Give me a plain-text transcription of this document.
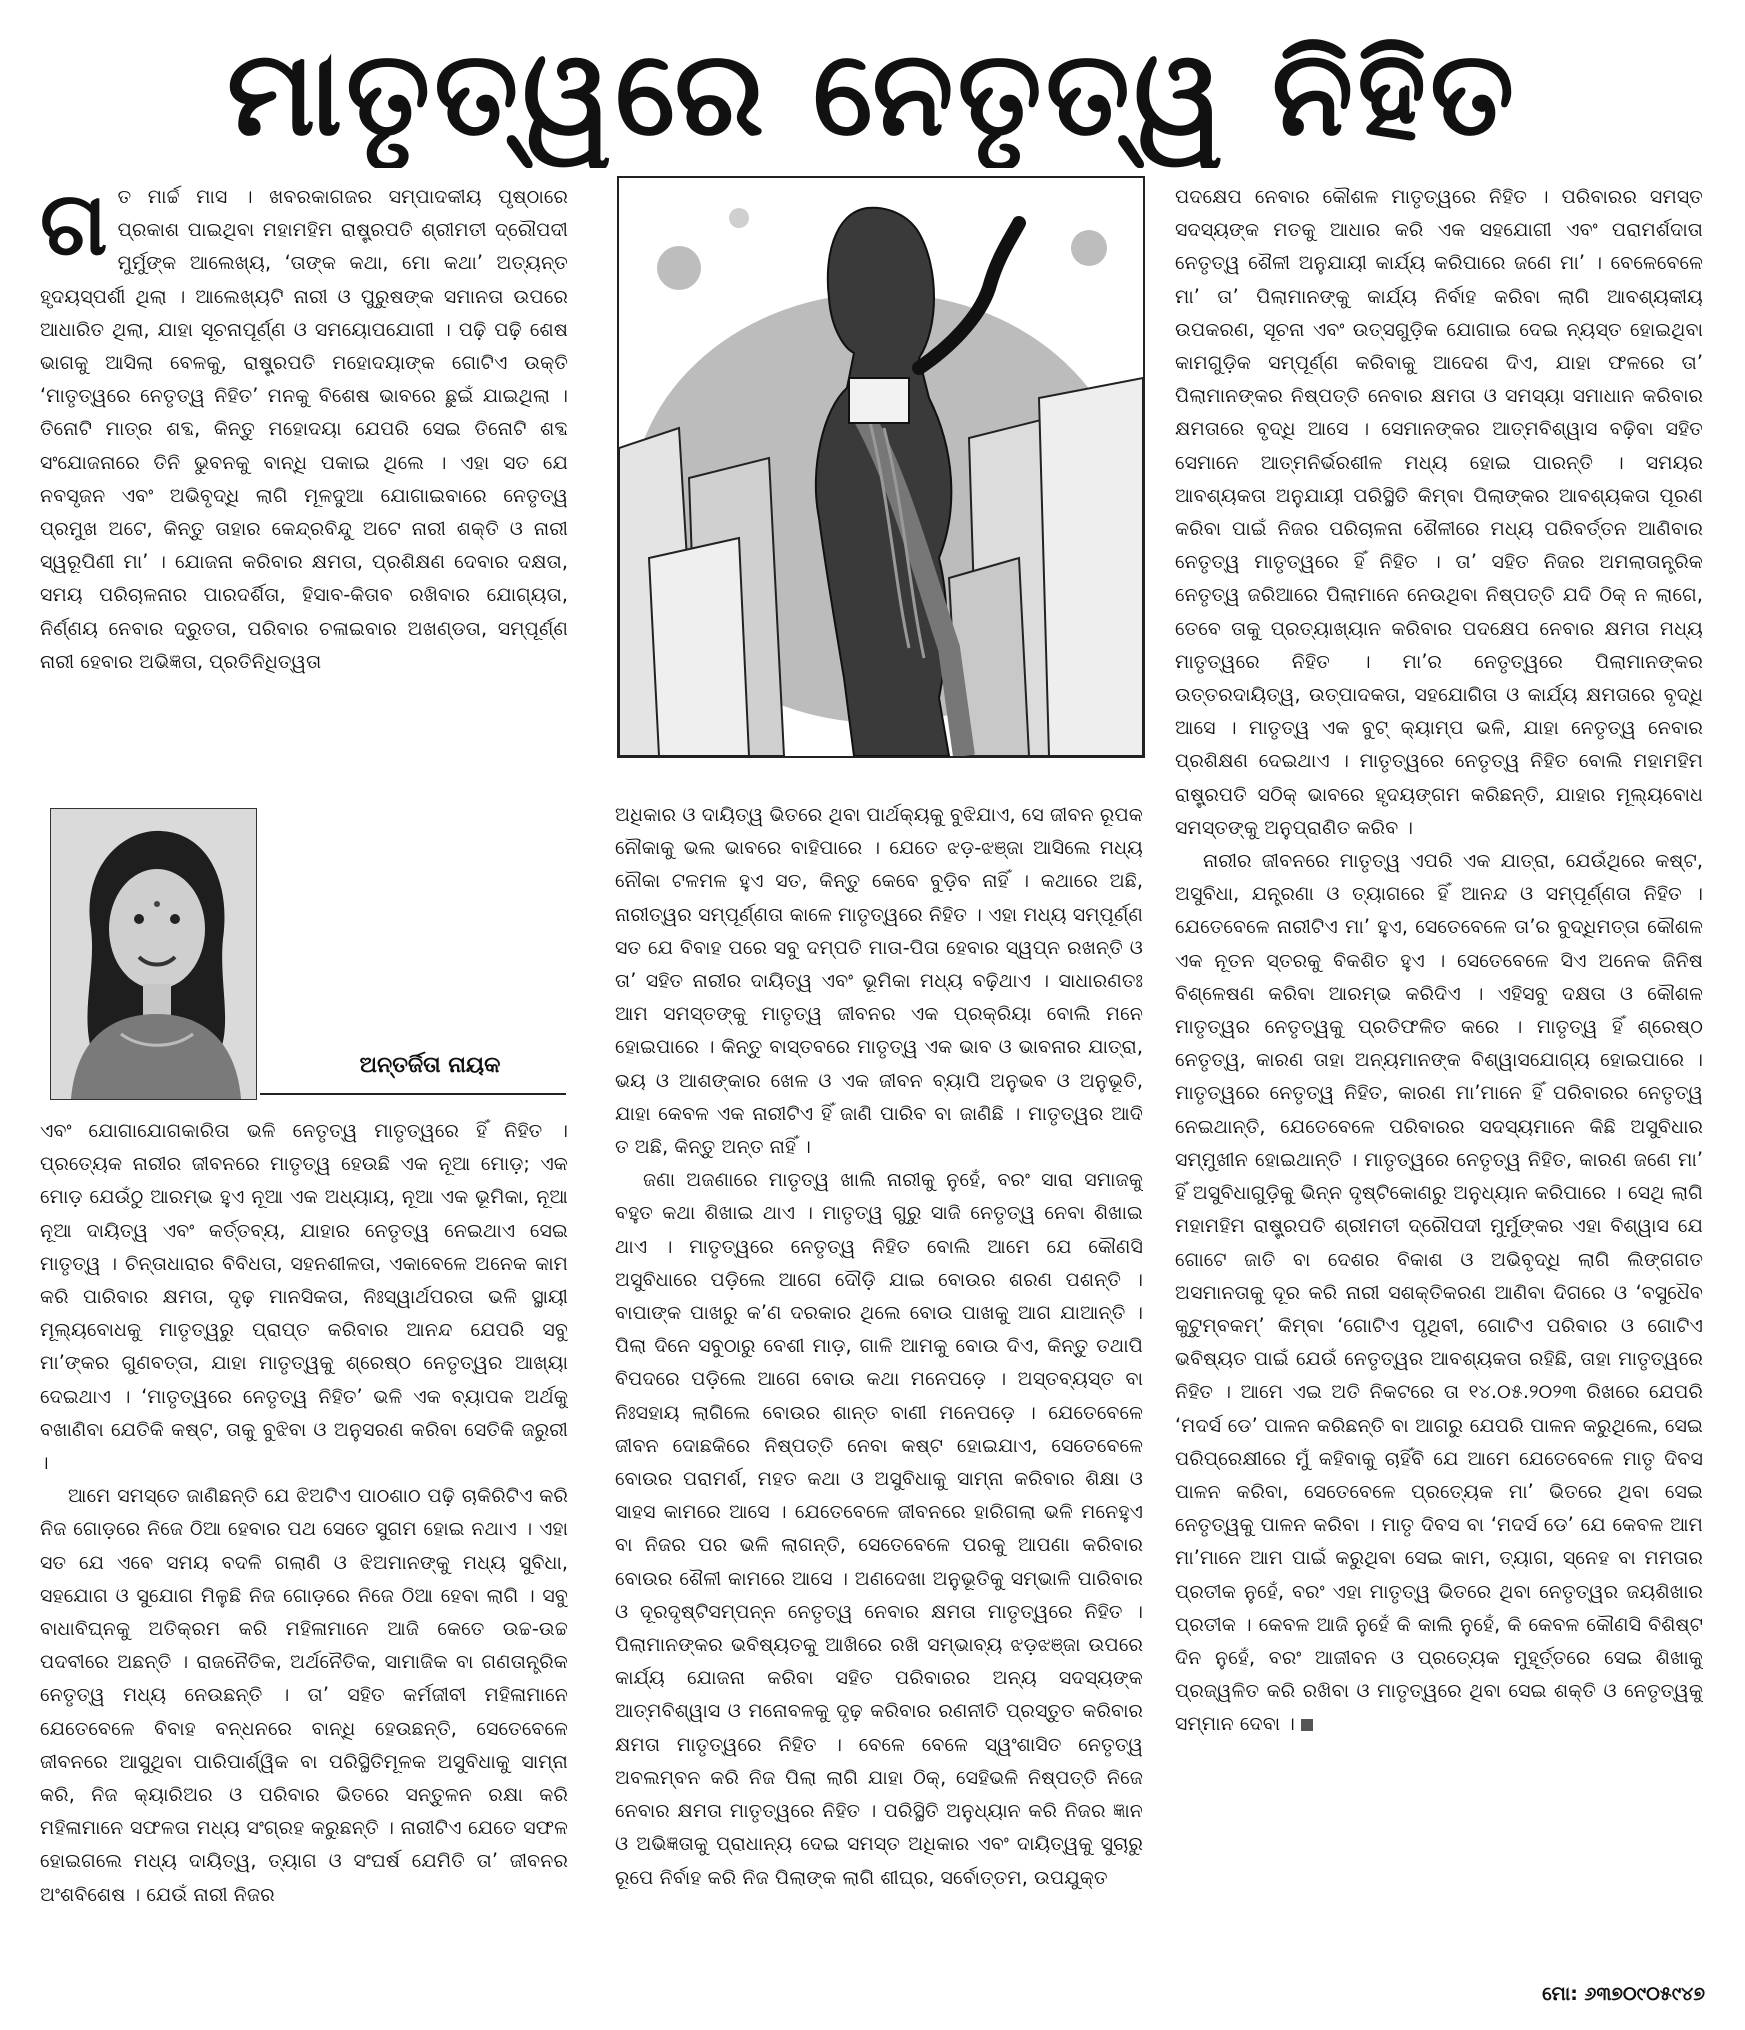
ମାତୃତ୍ୱରେ ନେତୃତ୍ୱ ନିହିତ

ଗତ ମାର୍ଚ୍ଚ ମାସ । ଖବରକାଗଜର ସମ୍ପାଦକୀୟ ପୃଷ୍ଠାରେ ପ୍ରକାଶ ପାଇଥିବା ମହାମହିମ ରାଷ୍ଟ୍ରପତି ଶ୍ରୀମତୀ ଦ୍ରୌପଦୀ ମୁର୍ମୁଙ୍କ ଆଲେଖ୍ୟ, ‘ତାଙ୍କ କଥା, ମୋ କଥା’ ଅତ୍ୟନ୍ତ ହୃଦୟସ୍ପର୍ଶୀ ଥିଲା । ଆଲେଖ୍ୟଟି ନାରୀ ଓ ପୁରୁଷଙ୍କ ସମାନତା ଉପରେ ଆଧାରିତ ଥିଲା, ଯାହା ସୂଚନାପୂର୍ଣ୍ଣ ଓ ସମୟୋପଯୋଗୀ । ପଢ଼ି ପଢ଼ି ଶେଷ ଭାଗକୁ ଆସିଲା ବେଳକୁ, ରାଷ୍ଟ୍ରପତି ମହୋଦୟାଙ୍କ ଗୋଟିଏ ଉକ୍ତି ‘ମାତୃତ୍ୱରେ ନେତୃତ୍ୱ ନିହିତ’ ମନକୁ ବିଶେଷ ଭାବରେ ଛୁଇଁ ଯାଇଥିଲା । ତିନୋଟି ମାତ୍ର ଶବ୍ଦ, କିନ୍ତୁ ମହୋଦୟା ଯେପରି ସେଇ ତିନୋଟି ଶବ୍ଦ ସଂଯୋଜନାରେ ତିନି ଭୁବନକୁ ବାନ୍ଧି ପକାଇ ଥିଲେ । ଏହା ସତ ଯେ ନବସୃଜନ ଏବଂ ଅଭିବୃଦ୍ଧି ଲାଗି ମୂଳଦୁଆ ଯୋଗାଇବାରେ ନେତୃତ୍ୱ ପ୍ରମୁଖ ଅଟେ, କିନ୍ତୁ ତାହାର କେନ୍ଦ୍ରବିନ୍ଦୁ ଅଟେ ନାରୀ ଶକ୍ତି ଓ ନାରୀ ସ୍ୱରୂପିଣୀ ମା’ । ଯୋଜନା କରିବାର କ୍ଷମତା, ପ୍ରଶିକ୍ଷଣ ଦେବାର ଦକ୍ଷତା, ସମୟ ପରିଚାଳନାର ପାରଦର୍ଶିତା, ହିସାବ-କିତାବ ରଖିବାର ଯୋଗ୍ୟତା, ନିର୍ଣ୍ଣୟ ନେବାର ଦ୍ରୁତତା, ପରିବାର ଚଳାଇବାର ଅଖଣ୍ଡତା, ସମ୍ପୂର୍ଣ୍ଣ ନାରୀ ହେବାର ଅଭିଜ୍ଞତା, ପ୍ରତିନିଧିତ୍ୱତା

ଅନ୍ତର୍ଜିତା ନାୟକ

ଏବଂ ଯୋଗାଯୋଗକାରିତା ଭଳି ନେତୃତ୍ୱ ମାତୃତ୍ୱରେ ହିଁ ନିହିତ । ପ୍ରତ୍ୟେକ ନାରୀର ଜୀବନରେ ମାତୃତ୍ୱ ହେଉଛି ଏକ ନୂଆ ମୋଡ଼; ଏକ ମୋଡ଼ ଯେଉଁଠୁ ଆରମ୍ଭ ହୁଏ ନୂଆ ଏକ ଅଧ୍ୟାୟ, ନୂଆ ଏକ ଭୂମିକା, ନୂଆ ନୂଆ ଦାୟିତ୍ୱ ଏବଂ କର୍ତ୍ତବ୍ୟ, ଯାହାର ନେତୃତ୍ୱ ନେଇଥାଏ ସେଇ ମାତୃତ୍ୱ । ଚିନ୍ତାଧାରାର ବିବିଧତା, ସହନଶୀଳତା, ଏକାବେଳେ ଅନେକ କାମ କରି ପାରିବାର କ୍ଷମତା, ଦୃଢ଼ ମାନସିକତା, ନିଃସ୍ୱାର୍ଥପରତା ଭଳି ସ୍ଥାୟୀ ମୂଲ୍ୟବୋଧକୁ ମାତୃତ୍ୱରୁ ପ୍ରାପ୍ତ କରିବାର ଆନନ୍ଦ ଯେପରି ସବୁ ମା’ଙ୍କର ଗୁଣବତ୍ତା, ଯାହା ମାତୃତ୍ୱକୁ ଶ୍ରେଷ୍ଠ ନେତୃତ୍ୱର ଆଖ୍ୟା ଦେଇଥାଏ । ‘ମାତୃତ୍ୱରେ ନେତୃତ୍ୱ ନିହିତ’ ଭଳି ଏକ ବ୍ୟାପକ ଅର୍ଥକୁ ବଖାଣିବା ଯେତିକି କଷ୍ଟ, ତାକୁ ବୁଝିବା ଓ ଅନୁସରଣ କରିବା ସେତିକି ଜରୁରୀ ।

ଆମେ ସମସ୍ତେ ଜାଣିଛନ୍ତି ଯେ ଝିଅଟିଏ ପାଠଶାଠ ପଢ଼ି ଚାକିରିଟିଏ କରି ନିଜ ଗୋଡ଼ରେ ନିଜେ ଠିଆ ହେବାର ପଥ ସେତେ ସୁଗମ ହୋଇ ନଥାଏ । ଏହା ସତ ଯେ ଏବେ ସମୟ ବଦଳି ଗଲାଣି ଓ ଝିଅମାନଙ୍କୁ ମଧ୍ୟ ସୁବିଧା, ସହଯୋଗ ଓ ସୁଯୋଗ ମିଳୁଛି ନିଜ ଗୋଡ଼ରେ ନିଜେ ଠିଆ ହେବା ଲାଗି । ସବୁ ବାଧାବିଘ୍ନକୁ ଅତିକ୍ରମ କରି ମହିଳାମାନେ ଆଜି କେତେ ଉଚ୍ଚ-ଉଚ୍ଚ ପଦବୀରେ ଅଛନ୍ତି । ରାଜନୈତିକ, ଅର୍ଥନୈତିକ, ସାମାଜିକ ବା ଗଣତାନ୍ତ୍ରିକ ନେତୃତ୍ୱ ମଧ୍ୟ ନେଉଛନ୍ତି । ତା’ ସହିତ କର୍ମଜୀବୀ ମହିଳାମାନେ ଯେତେବେଳେ ବିବାହ ବନ୍ଧନରେ ବାନ୍ଧି ହେଉଛନ୍ତି, ସେତେବେଳେ ଜୀବନରେ ଆସୁଥିବା ପାରିପାର୍ଶ୍ୱିକ ବା ପରିସ୍ଥିତିମୂଳକ ଅସୁବିଧାକୁ ସାମ୍ନା କରି, ନିଜ କ୍ୟାରିଅର ଓ ପରିବାର ଭିତରେ ସନ୍ତୁଳନ ରକ୍ଷା କରି ମହିଳାମାନେ ସଫଳତା ମଧ୍ୟ ସଂଗ୍ରହ କରୁଛନ୍ତି । ନାରୀଟିଏ ଯେତେ ସଫଳ ହୋଇଗଲେ ମଧ୍ୟ ଦାୟିତ୍ୱ, ତ୍ୟାଗ ଓ ସଂଘର୍ଷ ଯେମିତି ତା’ ଜୀବନର ଅଂଶବିଶେଷ । ଯେଉଁ ନାରୀ ନିଜର

ଅଧିକାର ଓ ଦାୟିତ୍ୱ ଭିତରେ ଥିବା ପାର୍ଥକ୍ୟକୁ ବୁଝିଯାଏ, ସେ ଜୀବନ ରୂପକ ନୌକାକୁ ଭଲ ଭାବରେ ବାହିପାରେ । ଯେତେ ଝଡ଼-ଝଞ୍ଜା ଆସିଲେ ମଧ୍ୟ ନୌକା ଟଳମଳ ହୁଏ ସତ, କିନ୍ତୁ କେବେ ବୁଡ଼ିବ ନାହିଁ । କଥାରେ ଅଛି, ନାରୀତ୍ୱର ସମ୍ପୂର୍ଣ୍ଣତା କାଳେ ମାତୃତ୍ୱରେ ନିହିତ । ଏହା ମଧ୍ୟ ସମ୍ପୂର୍ଣ୍ଣ ସତ ଯେ ବିବାହ ପରେ ସବୁ ଦମ୍ପତି ମାତା-ପିତା ହେବାର ସ୍ୱପ୍ନ ରଖନ୍ତି ଓ ତା’ ସହିତ ନାରୀର ଦାୟିତ୍ୱ ଏବଂ ଭୂମିକା ମଧ୍ୟ ବଢ଼ିଥାଏ । ସାଧାରଣତଃ ଆମ ସମସ୍ତଙ୍କୁ ମାତୃତ୍ୱ ଜୀବନର ଏକ ପ୍ରକ୍ରିୟା ବୋଲି ମନେ ହୋଇପାରେ । କିନ୍ତୁ ବାସ୍ତବରେ ମାତୃତ୍ୱ ଏକ ଭାବ ଓ ଭାବନାର ଯାତ୍ରା, ଭୟ ଓ ଆଶଙ୍କାର ଖେଳ ଓ ଏକ ଜୀବନ ବ୍ୟାପି ଅନୁଭବ ଓ ଅନୁଭୂତି, ଯାହା କେବଳ ଏକ ନାରୀଟିଏ ହିଁ ଜାଣି ପାରିବ ବା ଜାଣିଛି । ମାତୃତ୍ୱର ଆଦି ତ ଅଛି, କିନ୍ତୁ ଅନ୍ତ ନାହିଁ ।

ଜଣା ଅଜଣାରେ ମାତୃତ୍ୱ ଖାଲି ନାରୀକୁ ନୁହେଁ, ବରଂ ସାରା ସମାଜକୁ ବହୁତ କଥା ଶିଖାଇ ଥାଏ । ମାତୃତ୍ୱ ଗୁରୁ ସାଜି ନେତୃତ୍ୱ ନେବା ଶିଖାଇ ଥାଏ । ମାତୃତ୍ୱରେ ନେତୃତ୍ୱ ନିହିତ ବୋଲି ଆମେ ଯେ କୌଣସି ଅସୁବିଧାରେ ପଡ଼ିଲେ ଆଗେ ଦୌଡ଼ି ଯାଇ ବୋଉର ଶରଣ ପଶନ୍ତି । ବାପାଙ୍କ ପାଖରୁ କ’ଣ ଦରକାର ଥିଲେ ବୋଉ ପାଖକୁ ଆଗ ଯାଆନ୍ତି । ପିଲା ଦିନେ ସବୁଠାରୁ ବେଶୀ ମାଡ଼, ଗାଳି ଆମକୁ ବୋଉ ଦିଏ, କିନ୍ତୁ ତଥାପି ବିପଦରେ ପଡ଼ିଲେ ଆଗେ ବୋଉ କଥା ମନେପଡ଼େ । ଅସ୍ତବ୍ୟସ୍ତ ବା ନିଃସହାୟ ଲାଗିଲେ ବୋଉର ଶାନ୍ତ ବାଣୀ ମନେପଡ଼େ । ଯେତେବେଳେ ଜୀବନ ଦୋଛକିରେ ନିଷ୍ପତ୍ତି ନେବା କଷ୍ଟ ହୋଇଯାଏ, ସେତେବେଳେ ବୋଉର ପରାମର୍ଶ, ମହତ କଥା ଓ ଅସୁବିଧାକୁ ସାମ୍ନା କରିବାର ଶିକ୍ଷା ଓ ସାହସ କାମରେ ଆସେ । ଯେତେବେଳେ ଜୀବନରେ ହାରିଗଲା ଭଳି ମନେହୁଏ ବା ନିଜର ପର ଭଳି ଲାଗନ୍ତି, ସେତେବେଳେ ପରକୁ ଆପଣା କରିବାର ବୋଉର ଶୈଳୀ କାମରେ ଆସେ । ଅଣଦେଖା ଅନୁଭୂତିକୁ ସମ୍ଭାଳି ପାରିବାର ଓ ଦୂରଦୃଷ୍ଟିସମ୍ପନ୍ନ ନେତୃତ୍ୱ ନେବାର କ୍ଷମତା ମାତୃତ୍ୱରେ ନିହିତ । ପିଲାମାନଙ୍କର ଭବିଷ୍ୟତକୁ ଆଖିରେ ରଖି ସମ୍ଭାବ୍ୟ ଝଡ଼ଝଞ୍ଜା ଉପରେ କାର୍ଯ୍ୟ ଯୋଜନା କରିବା ସହିତ ପରିବାରର ଅନ୍ୟ ସଦସ୍ୟଙ୍କ ଆତ୍ମବିଶ୍ୱାସ ଓ ମନୋବଳକୁ ଦୃଢ଼ କରିବାର ରଣନୀତି ପ୍ରସ୍ତୁତ କରିବାର କ୍ଷମତା ମାତୃତ୍ୱରେ ନିହିତ । ବେଳେ ବେଳେ ସ୍ୱଂଶାସିତ ନେତୃତ୍ୱ ଅବଲମ୍ବନ କରି ନିଜ ପିଲା ଲାଗି ଯାହା ଠିକ୍, ସେହିଭଳି ନିଷ୍ପତ୍ତି ନିଜେ ନେବାର କ୍ଷମତା ମାତୃତ୍ୱରେ ନିହିତ । ପରିସ୍ଥିତି ଅନୁଧ୍ୟାନ କରି ନିଜର ଜ୍ଞାନ ଓ ଅଭିଜ୍ଞତାକୁ ପ୍ରାଧାନ୍ୟ ଦେଇ ସମସ୍ତ ଅଧିକାର ଏବଂ ଦାୟିତ୍ୱକୁ ସୁଚାରୁ ରୂପେ ନିର୍ବାହ କରି ନିଜ ପିଲାଙ୍କ ଲାଗି ଶୀଘ୍ର, ସର୍ବୋତ୍ତମ, ଉପଯୁକ୍ତ

ପଦକ୍ଷେପ ନେବାର କୌଶଳ ମାତୃତ୍ୱରେ ନିହିତ । ପରିବାରର ସମସ୍ତ ସଦସ୍ୟଙ୍କ ମତକୁ ଆଧାର କରି ଏକ ସହଯୋଗୀ ଏବଂ ପରାମର୍ଶଦାତା ନେତୃତ୍ୱ ଶୈଳୀ ଅନୁଯାୟୀ କାର୍ଯ୍ୟ କରିପାରେ ଜଣେ ମା’ । ବେଳେବେଳେ ମା’ ତା’ ପିଲାମାନଙ୍କୁ କାର୍ଯ୍ୟ ନିର୍ବାହ କରିବା ଲାଗି ଆବଶ୍ୟକୀୟ ଉପକରଣ, ସୂଚନା ଏବଂ ଉତ୍ସଗୁଡ଼ିକ ଯୋଗାଇ ଦେଇ ନ୍ୟସ୍ତ ହୋଇଥିବା କାମଗୁଡ଼ିକ ସମ୍ପୂର୍ଣ୍ଣ କରିବାକୁ ଆଦେଶ ଦିଏ, ଯାହା ଫଳରେ ତା’ ପିଲାମାନଙ୍କର ନିଷ୍ପତ୍ତି ନେବାର କ୍ଷମତା ଓ ସମସ୍ୟା ସମାଧାନ କରିବାର କ୍ଷମତାରେ ବୃଦ୍ଧି ଆସେ । ସେମାନଙ୍କର ଆତ୍ମବିଶ୍ୱାସ ବଢ଼ିବା ସହିତ ସେମାନେ ଆତ୍ମନିର୍ଭରଶୀଳ ମଧ୍ୟ ହୋଇ ପାରନ୍ତି । ସମୟର ଆବଶ୍ୟକତା ଅନୁଯାୟୀ ପରିସ୍ଥିତି କିମ୍ବା ପିଲାଙ୍କର ଆବଶ୍ୟକତା ପୂରଣ କରିବା ପାଇଁ ନିଜର ପରିଚାଳନା ଶୈଳୀରେ ମଧ୍ୟ ପରିବର୍ତ୍ତନ ଆଣିବାର ନେତୃତ୍ୱ ମାତୃତ୍ୱରେ ହିଁ ନିହିତ । ତା’ ସହିତ ନିଜର ଅମଲାତାନ୍ତ୍ରିକ ନେତୃତ୍ୱ ଜରିଆରେ ପିଲାମାନେ ନେଉଥିବା ନିଷ୍ପତ୍ତି ଯଦି ଠିକ୍ ନ ଲାଗେ, ତେବେ ତାକୁ ପ୍ରତ୍ୟାଖ୍ୟାନ କରିବାର ପଦକ୍ଷେପ ନେବାର କ୍ଷମତା ମଧ୍ୟ ମାତୃତ୍ୱରେ ନିହିତ । ମା’ର ନେତୃତ୍ୱରେ ପିଲାମାନଙ୍କର ଉତ୍ତରଦାୟିତ୍ୱ, ଉତ୍ପାଦକତା, ସହଯୋଗିତା ଓ କାର୍ଯ୍ୟ କ୍ଷମତାରେ ବୃଦ୍ଧି ଆସେ । ମାତୃତ୍ୱ ଏକ ବୁଟ୍ କ୍ୟାମ୍ପ ଭଳି, ଯାହା ନେତୃତ୍ୱ ନେବାର ପ୍ରଶିକ୍ଷଣ ଦେଇଥାଏ । ମାତୃତ୍ୱରେ ନେତୃତ୍ୱ ନିହିତ ବୋଲି ମହାମହିମ ରାଷ୍ଟ୍ରପତି ସଠିକ୍ ଭାବରେ ହୃଦୟଙ୍ଗମ କରିଛନ୍ତି, ଯାହାର ମୂଲ୍ୟବୋଧ ସମସ୍ତଙ୍କୁ ଅନୁପ୍ରାଣିତ କରିବ ।

ନାରୀର ଜୀବନରେ ମାତୃତ୍ୱ ଏପରି ଏକ ଯାତ୍ରା, ଯେଉଁଥିରେ କଷ୍ଟ, ଅସୁବିଧା, ଯନ୍ତ୍ରଣା ଓ ତ୍ୟାଗରେ ହିଁ ଆନନ୍ଦ ଓ ସମ୍ପୂର୍ଣ୍ଣତା ନିହିତ । ଯେତେବେଳେ ନାରୀଟିଏ ମା’ ହୁଏ, ସେତେବେଳେ ତା’ର ବୁଦ୍ଧିମତ୍ତା କୌଶଳ ଏକ ନୂତନ ସ୍ତରକୁ ବିକଶିତ ହୁଏ । ସେତେବେଳେ ସିଏ ଅନେକ ଜିନିଷ ବିଶ୍ଳେଷଣ କରିବା ଆରମ୍ଭ କରିଦିଏ । ଏହିସବୁ ଦକ୍ଷତା ଓ କୌଶଳ ମାତୃତ୍ୱର ନେତୃତ୍ୱକୁ ପ୍ରତିଫଳିତ କରେ । ମାତୃତ୍ୱ ହିଁ ଶ୍ରେଷ୍ଠ ନେତୃତ୍ୱ, କାରଣ ତାହା ଅନ୍ୟମାନଙ୍କ ବିଶ୍ୱାସଯୋଗ୍ୟ ହୋଇପାରେ । ମାତୃତ୍ୱରେ ନେତୃତ୍ୱ ନିହିତ, କାରଣ ମା’ମାନେ ହିଁ ପରିବାରର ନେତୃତ୍ୱ ନେଇଥାନ୍ତି, ଯେତେବେଳେ ପରିବାରର ସଦସ୍ୟମାନେ କିଛି ଅସୁବିଧାର ସମ୍ମୁଖୀନ ହୋଇଥାନ୍ତି । ମାତୃତ୍ୱରେ ନେତୃତ୍ୱ ନିହିତ, କାରଣ ଜଣେ ମା’ ହିଁ ଅସୁବିଧାଗୁଡ଼ିକୁ ଭିନ୍ନ ଦୃଷ୍ଟିକୋଣରୁ ଅନୁଧ୍ୟାନ କରିପାରେ । ସେଥି ଲାଗି ମହାମହିମ ରାଷ୍ଟ୍ରପତି ଶ୍ରୀମତୀ ଦ୍ରୌପଦୀ ମୁର୍ମୁଙ୍କର ଏହା ବିଶ୍ୱାସ ଯେ ଗୋଟେ ଜାତି ବା ଦେଶର ବିକାଶ ଓ ଅଭିବୃଦ୍ଧି ଲାଗି ଲିଙ୍ଗଗତ ଅସମାନତାକୁ ଦୂର କରି ନାରୀ ସଶକ୍ତିକରଣ ଆଣିବା ଦିଗରେ ଓ ‘ବସୁଧୈବ କୁଟୁମ୍ବକମ୍’ କିମ୍ବା ‘ଗୋଟିଏ ପୃଥିବୀ, ଗୋଟିଏ ପରିବାର ଓ ଗୋଟିଏ ଭବିଷ୍ୟତ ପାଇଁ ଯେଉଁ ନେତୃତ୍ୱର ଆବଶ୍ୟକତା ରହିଛି, ତାହା ମାତୃତ୍ୱରେ ନିହିତ । ଆମେ ଏଇ ଅତି ନିକଟରେ ତା ୧୪.୦୫.୨୦୨୩ ରିଖରେ ଯେପରି ‘ମଦର୍ସ ଡେ’ ପାଳନ କରିଛନ୍ତି ବା ଆଗରୁ ଯେପରି ପାଳନ କରୁଥିଲେ, ସେଇ ପରିପ୍ରେକ୍ଷୀରେ ମୁଁ କହିବାକୁ ଚାହିଁବି ଯେ ଆମେ ଯେତେବେଳେ ମାତୃ ଦିବସ ପାଳନ କରିବା, ସେତେବେଳେ ପ୍ରତ୍ୟେକ ମା’ ଭିତରେ ଥିବା ସେଇ ନେତୃତ୍ୱକୁ ପାଳନ କରିବା । ମାତୃ ଦିବସ ବା ‘ମଦର୍ସ ଡେ’ ଯେ କେବଳ ଆମ ମା’ମାନେ ଆମ ପାଇଁ କରୁଥିବା ସେଇ କାମ, ତ୍ୟାଗ, ସ୍ନେହ ବା ମମତାର ପ୍ରତୀକ ନୁହେଁ, ବରଂ ଏହା ମାତୃତ୍ୱ ଭିତରେ ଥିବା ନେତୃତ୍ୱର ଜୟଶିଖାର ପ୍ରତୀକ । କେବଳ ଆଜି ନୁହେଁ କି କାଲି ନୁହେଁ, କି କେବଳ କୌଣସି ବିଶିଷ୍ଟ ଦିନ ନୁହେଁ, ବରଂ ଆଜୀବନ ଓ ପ୍ରତ୍ୟେକ ମୁହୂର୍ତ୍ତରେ ସେଇ ଶିଖାକୁ ପ୍ରଜ୍ୱଳିତ କରି ରଖିବା ଓ ମାତୃତ୍ୱରେ ଥିବା ସେଇ ଶକ୍ତି ଓ ନେତୃତ୍ୱକୁ ସମ୍ମାନ ଦେବା ।

ମୋ: ୬୩୭୦୯୦୫୯୪୭
